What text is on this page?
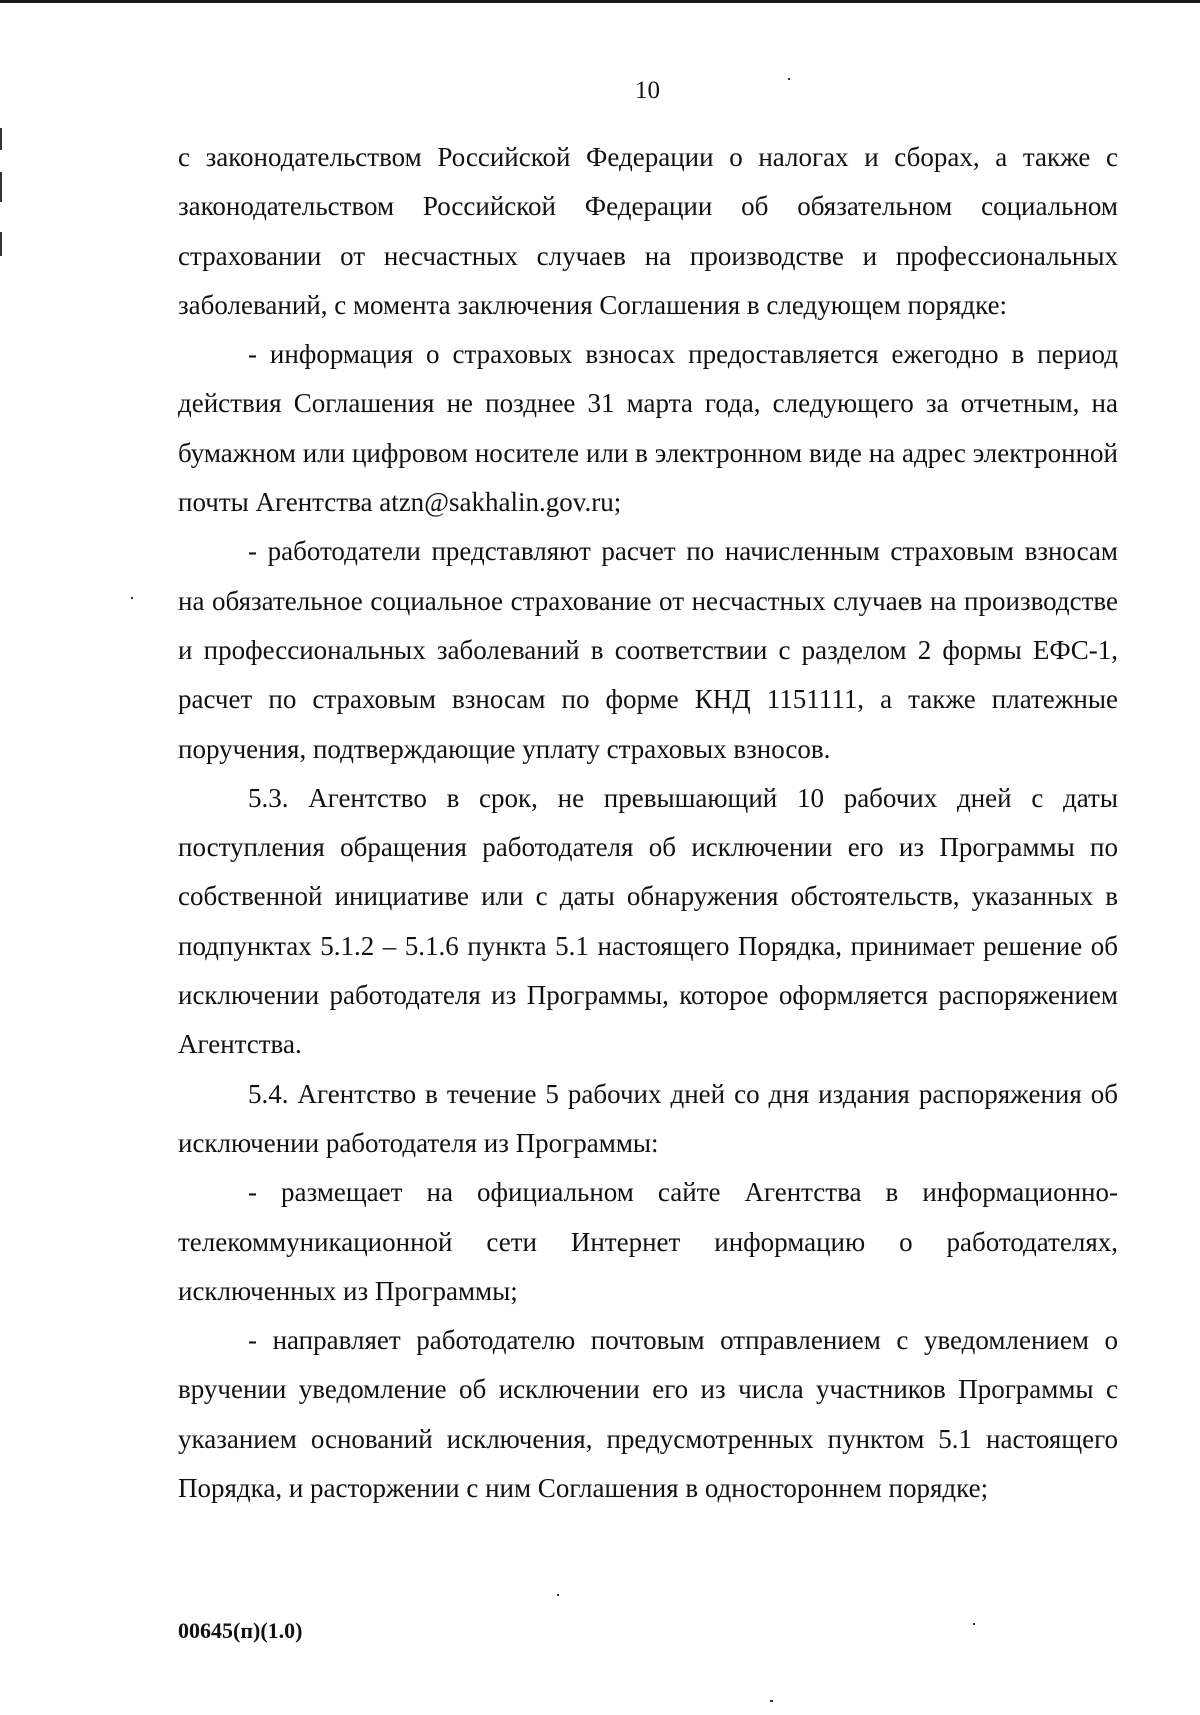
10

с законодательством Российской Федерации о налогах и сборах, а также с законодательством Российской Федерации об обязательном социальном страховании от несчастных случаев на производстве и профессиональных заболеваний, с момента заключения Соглашения в следующем порядке:

- информация о страховых взносах предоставляется ежегодно в период действия Соглашения не позднее 31 марта года, следующего за отчетным, на бумажном или цифровом носителе или в электронном виде на адрес электронной почты Агентства atzn@sakhalin.gov.ru;

- работодатели представляют расчет по начисленным страховым взносам на обязательное социальное страхование от несчастных случаев на производстве и профессиональных заболеваний в соответствии с разделом 2 формы ЕФС-1, расчет по страховым взносам по форме КНД 1151111, а также платежные поручения, подтверждающие уплату страховых взносов.

5.3. Агентство в срок, не превышающий 10 рабочих дней с даты поступления обращения работодателя об исключении его из Программы по собственной инициативе или с даты обнаружения обстоятельств, указанных в подпунктах 5.1.2 – 5.1.6 пункта 5.1 настоящего Порядка, принимает решение об исключении работодателя из Программы, которое оформляется распоряжением Агентства.

5.4. Агентство в течение 5 рабочих дней со дня издания распоряжения об исключении работодателя из Программы:

- размещает на официальном сайте Агентства в информационно-телекоммуникационной сети Интернет информацию о работодателях, исключенных из Программы;

- направляет работодателю почтовым отправлением с уведомлением о вручении уведомление об исключении его из числа участников Программы с указанием оснований исключения, предусмотренных пунктом 5.1 настоящего Порядка, и расторжении с ним Соглашения в одностороннем порядке;

00645(п)(1.0)
